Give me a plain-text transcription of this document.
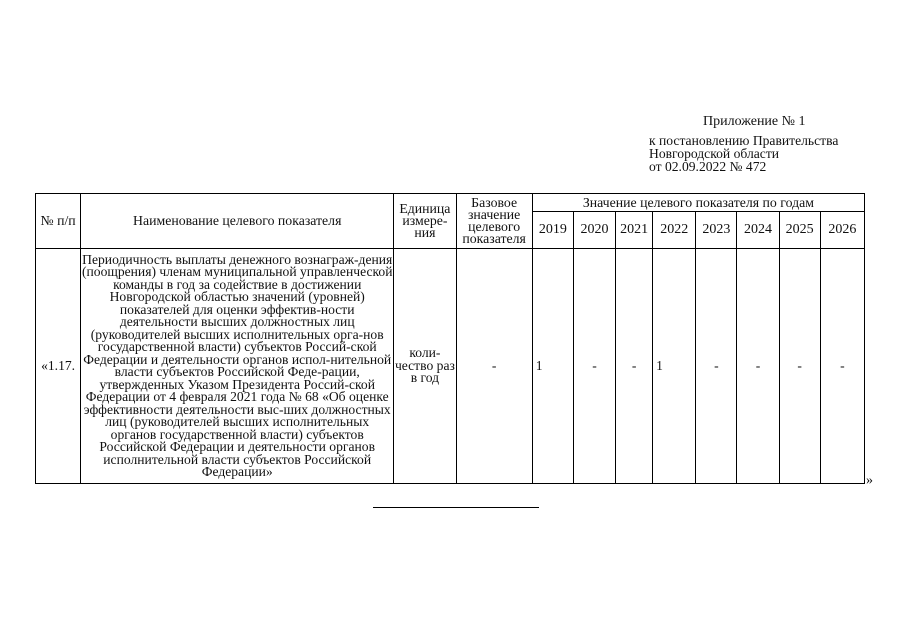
Приложение № 1
к постановлению Правительства
Новгородской области
от 02.09.2022 № 472
№ п/п	Наименование целевого показателя	Единица измере-ния	Базовое значение целевого показателя	Значение целевого показателя по годам							
				2019	2020	2021	2022	2023	2024	2025	2026
«1.17.	Периодичность выплаты денежного вознаграж-дения (поощрения) членам муниципальной управленческой команды в год за содействие в достижении Новгородской областью значений (уровней) показателей для оценки эффектив-ности деятельности высших должностных лиц (руководителей высших исполнительных орга-нов государственной власти) субъектов Россий-ской Федерации и деятельности органов испол-нительной власти субъектов Российской Феде-рации, утвержденных Указом Президента Россий-ской Федерации от 4 февраля 2021 года № 68 «Об оценке эффективности деятельности выс-ших должностных лиц (руководителей высших исполнительных органов государственной власти) субъектов Российской Федерации и деятельности органов исполнительной власти субъектов Российской Федерации»	коли-чество раз в год	-	1	-	-	1	-	-	-	-
»
